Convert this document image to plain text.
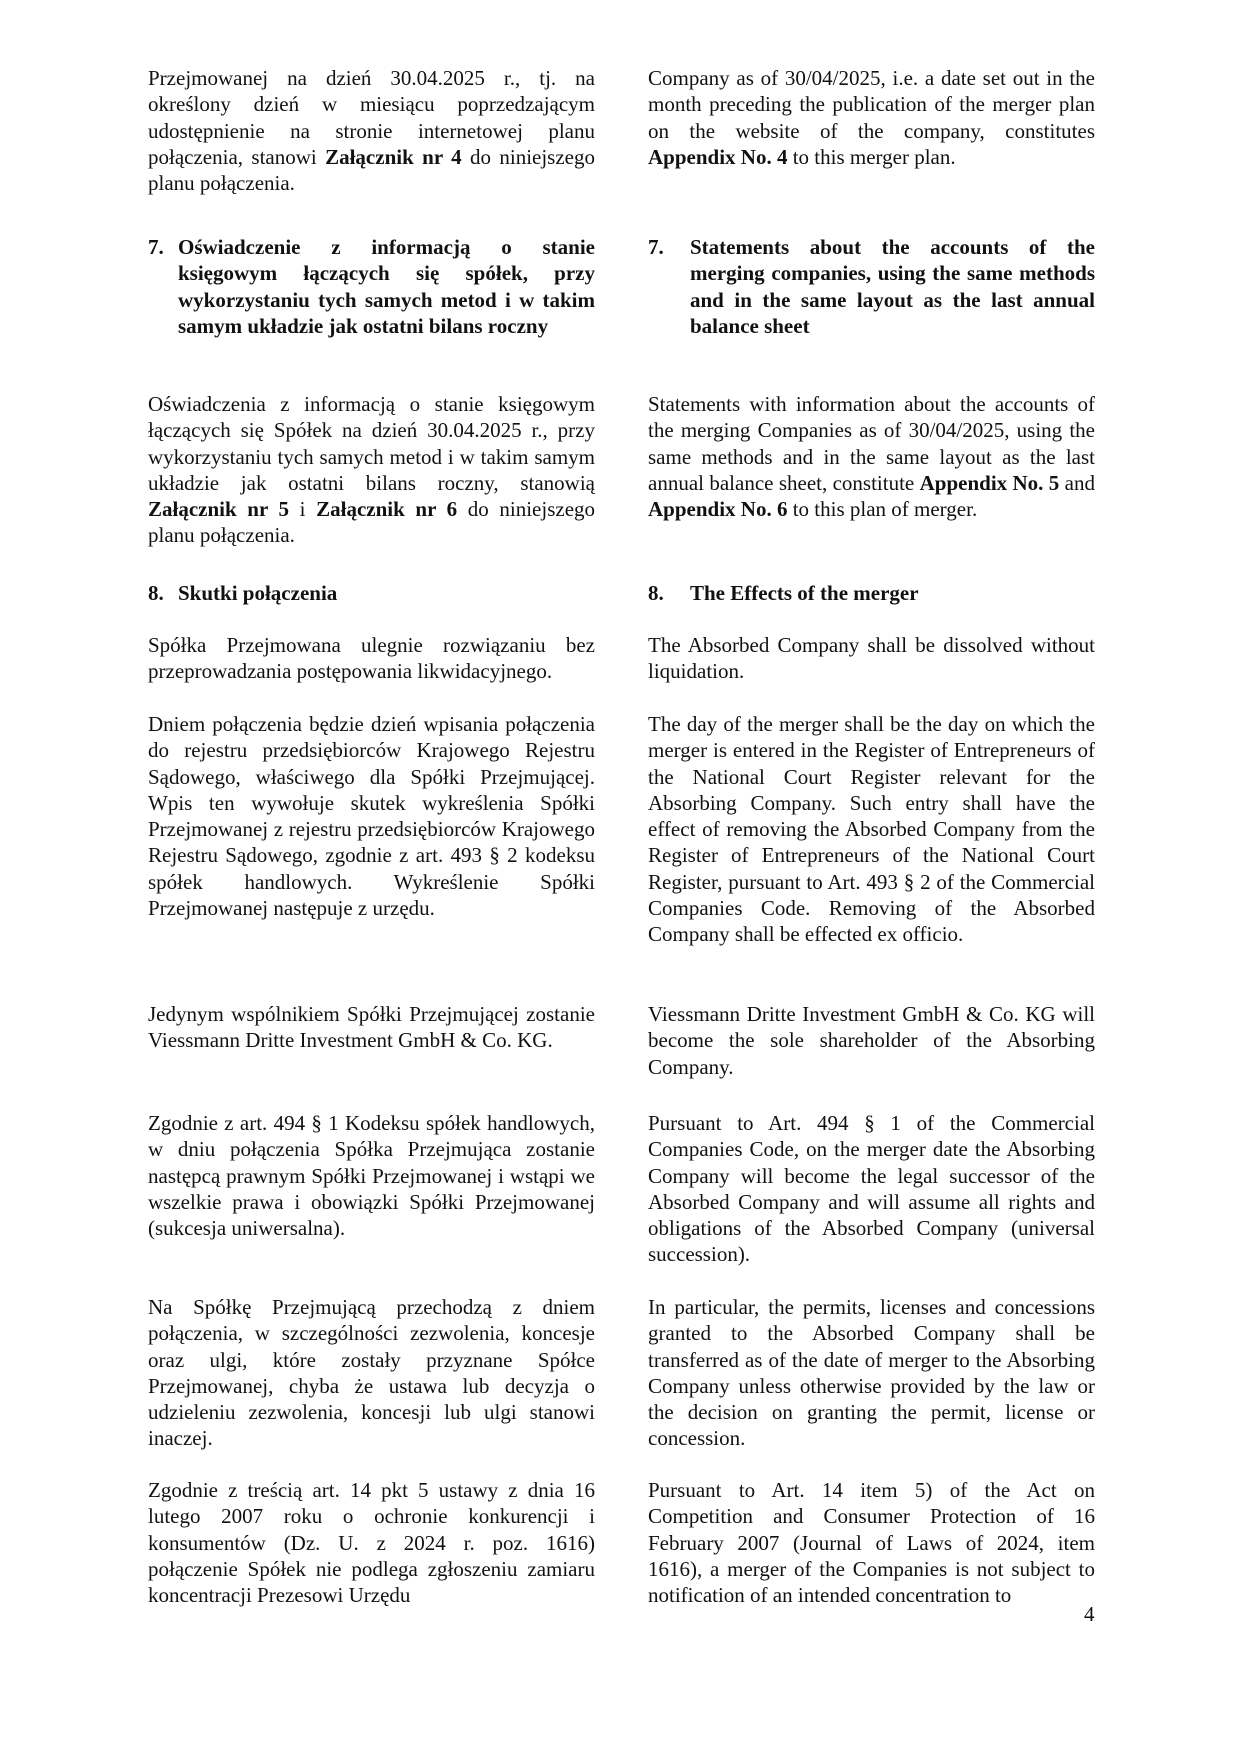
Przejmowanej na dzień 30.04.2025 r., tj. na określony dzień w miesiącu poprzedzającym udostępnienie na stronie internetowej planu połączenia, stanowi Załącznik nr 4 do niniejszego planu połączenia.

7. Oświadczenie z informacją o stanie księgowym łączących się spółek, przy wykorzystaniu tych samych metod i w takim samym układzie jak ostatni bilans roczny

Oświadczenia z informacją o stanie księgowym łączących się Spółek na dzień 30.04.2025 r., przy wykorzystaniu tych samych metod i w takim samym układzie jak ostatni bilans roczny, stanowią Załącznik nr 5 i Załącznik nr 6 do niniejszego planu połączenia.

8. Skutki połączenia

Spółka Przejmowana ulegnie rozwiązaniu bez przeprowadzania postępowania likwidacyjnego.

Dniem połączenia będzie dzień wpisania połączenia do rejestru przedsiębiorców Krajowego Rejestru Sądowego, właściwego dla Spółki Przejmującej. Wpis ten wywołuje skutek wykreślenia Spółki Przejmowanej z rejestru przedsiębiorców Krajowego Rejestru Sądowego, zgodnie z art. 493 § 2 kodeksu spółek handlowych. Wykreślenie Spółki Przejmowanej następuje z urzędu.

Jedynym wspólnikiem Spółki Przejmującej zostanie Viessmann Dritte Investment GmbH & Co. KG.

Zgodnie z art. 494 § 1 Kodeksu spółek handlowych, w dniu połączenia Spółka Przejmująca zostanie następcą prawnym Spółki Przejmowanej i wstąpi we wszelkie prawa i obowiązki Spółki Przejmowanej (sukcesja uniwersalna).

Na Spółkę Przejmującą przechodzą z dniem połączenia, w szczególności zezwolenia, koncesje oraz ulgi, które zostały przyznane Spółce Przejmowanej, chyba że ustawa lub decyzja o udzieleniu zezwolenia, koncesji lub ulgi stanowi inaczej.

Zgodnie z treścią art. 14 pkt 5 ustawy z dnia 16 lutego 2007 roku o ochronie konkurencji i konsumentów (Dz. U. z 2024 r. poz. 1616) połączenie Spółek nie podlega zgłoszeniu zamiaru koncentracji Prezesowi Urzędu

Company as of 30/04/2025, i.e. a date set out in the month preceding the publication of the merger plan on the website of the company, constitutes Appendix No. 4 to this merger plan.

7. Statements about the accounts of the merging companies, using the same methods and in the same layout as the last annual balance sheet

Statements with information about the accounts of the merging Companies as of 30/04/2025, using the same methods and in the same layout as the last annual balance sheet, constitute Appendix No. 5 and Appendix No. 6 to this plan of merger.

8. The Effects of the merger

The Absorbed Company shall be dissolved without liquidation.

The day of the merger shall be the day on which the merger is entered in the Register of Entrepreneurs of the National Court Register relevant for the Absorbing Company. Such entry shall have the effect of removing the Absorbed Company from the Register of Entrepreneurs of the National Court Register, pursuant to Art. 493 § 2 of the Commercial Companies Code. Removing of the Absorbed Company shall be effected ex officio.

Viessmann Dritte Investment GmbH & Co. KG will become the sole shareholder of the Absorbing Company.

Pursuant to Art. 494 § 1 of the Commercial Companies Code, on the merger date the Absorbing Company will become the legal successor of the Absorbed Company and will assume all rights and obligations of the Absorbed Company (universal succession).

In particular, the permits, licenses and concessions granted to the Absorbed Company shall be transferred as of the date of merger to the Absorbing Company unless otherwise provided by the law or the decision on granting the permit, license or concession.

Pursuant to Art. 14 item 5) of the Act on Competition and Consumer Protection of 16 February 2007 (Journal of Laws of 2024, item 1616), a merger of the Companies is not subject to notification of an intended concentration to

4
